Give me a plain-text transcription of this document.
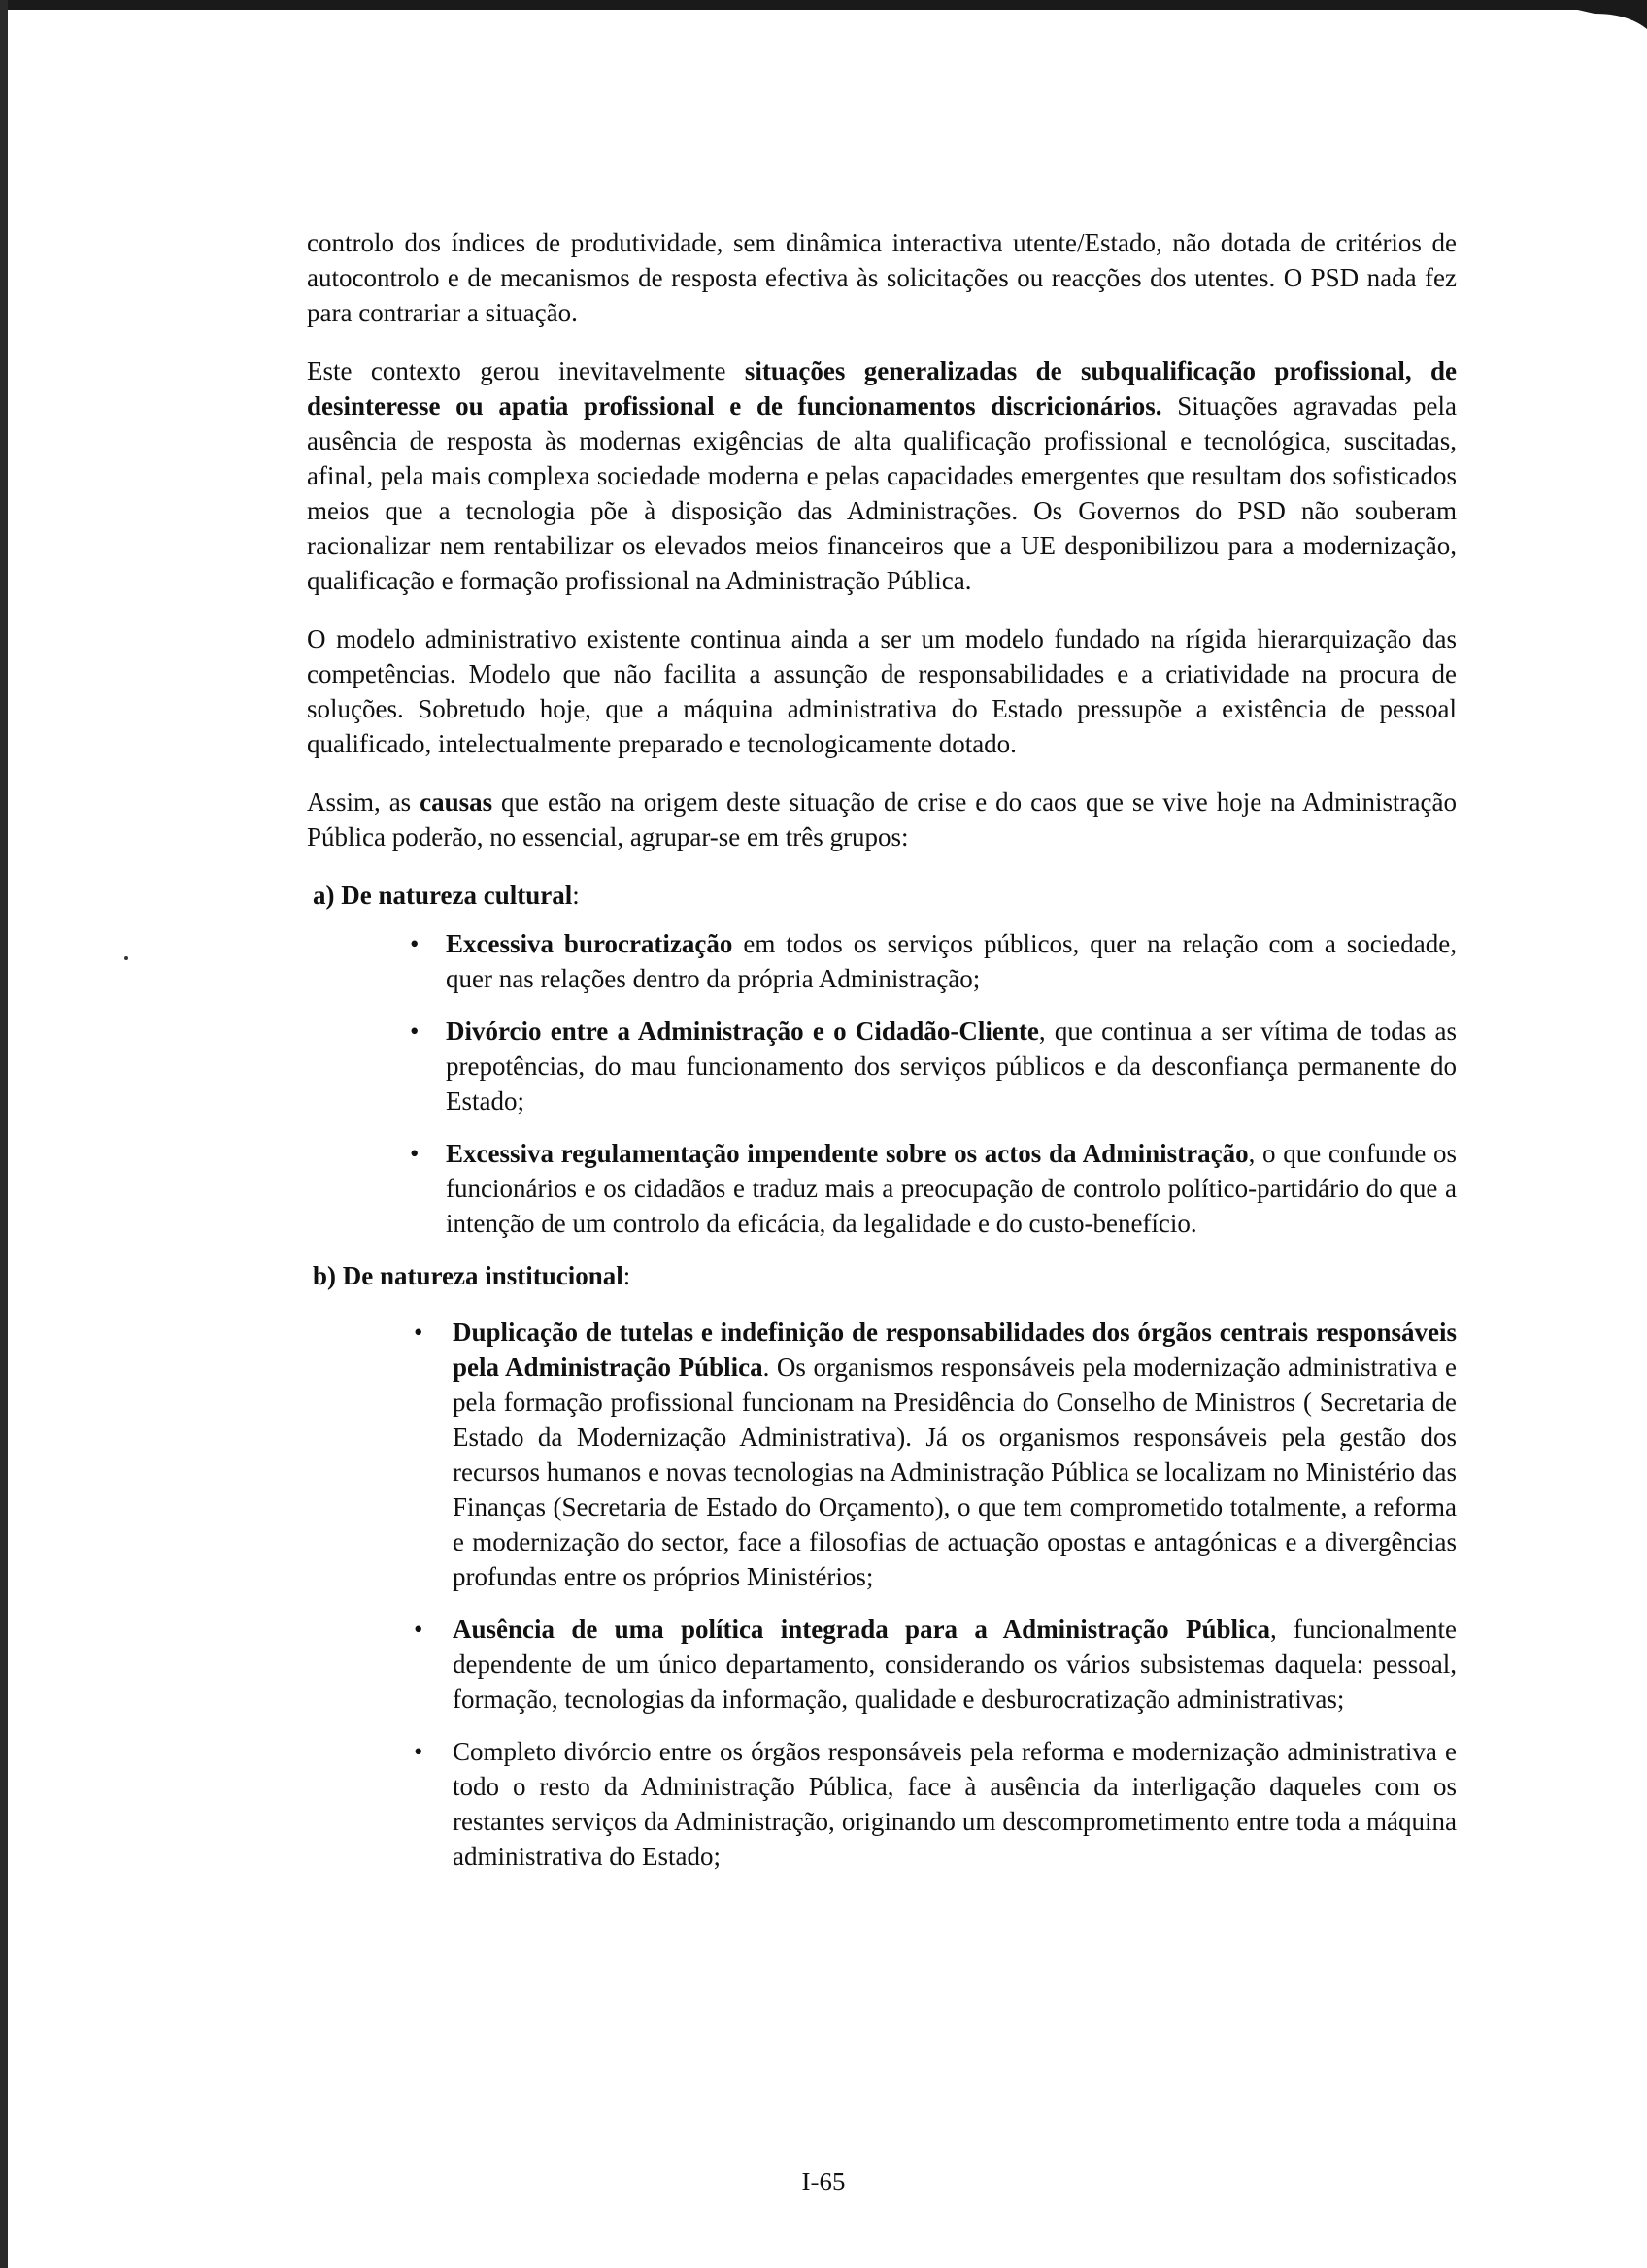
controlo dos índices de produtividade, sem dinâmica interactiva utente/Estado, não dotada de critérios de autocontrolo e de mecanismos de resposta efectiva às solicitações ou reacções dos utentes. O PSD nada fez para contrariar a situação.

Este contexto gerou inevitavelmente situações generalizadas de subqualificação profissional, de desinteresse ou apatia profissional e de funcionamentos discricionários. Situações agravadas pela ausência de resposta às modernas exigências de alta qualificação profissional e tecnológica, suscitadas, afinal, pela mais complexa sociedade moderna e pelas capacidades emergentes que resultam dos sofisticados meios que a tecnologia põe à disposição das Administrações. Os Governos do PSD não souberam racionalizar nem rentabilizar os elevados meios financeiros que a UE desponibilizou para a modernização, qualificação e formação profissional na Administração Pública.

O modelo administrativo existente continua ainda a ser um modelo fundado na rígida hierarquização das competências. Modelo que não facilita a assunção de responsabilidades e a criatividade na procura de soluções. Sobretudo hoje, que a máquina administrativa do Estado pressupõe a existência de pessoal qualificado, intelectualmente preparado e tecnologicamente dotado.

Assim, as causas que estão na origem deste situação de crise e do caos que se vive hoje na Administração Pública poderão, no essencial, agrupar-se em três grupos:

a) De natureza cultural:
• Excessiva burocratização em todos os serviços públicos, quer na relação com a sociedade, quer nas relações dentro da própria Administração;
• Divórcio entre a Administração e o Cidadão-Cliente, que continua a ser vítima de todas as prepotências, do mau funcionamento dos serviços públicos e da desconfiança permanente do Estado;
• Excessiva regulamentação impendente sobre os actos da Administração, o que confunde os funcionários e os cidadãos e traduz mais a preocupação de controlo político-partidário do que a intenção de um controlo da eficácia, da legalidade e do custo-benefício.
b) De natureza institucional:
• Duplicação de tutelas e indefinição de responsabilidades dos órgãos centrais responsáveis pela Administração Pública. Os organismos responsáveis pela modernização administrativa e pela formação profissional funcionam na Presidência do Conselho de Ministros ( Secretaria de Estado da Modernização Administrativa). Já os organismos responsáveis pela gestão dos recursos humanos e novas tecnologias na Administração Pública se localizam no Ministério das Finanças (Secretaria de Estado do Orçamento), o que tem comprometido totalmente, a reforma e modernização do sector, face a filosofias de actuação opostas e antagónicas e a divergências profundas entre os próprios Ministérios;
• Ausência de uma política integrada para a Administração Pública, funcionalmente dependente de um único departamento, considerando os vários subsistemas daquela: pessoal, formação, tecnologias da informação, qualidade e desburocratização administrativas;
• Completo divórcio entre os órgãos responsáveis pela reforma e modernização administrativa e todo o resto da Administração Pública, face à ausência da interligação daqueles com os restantes serviços da Administração, originando um descomprometimento entre toda a máquina administrativa do Estado;
I-65
